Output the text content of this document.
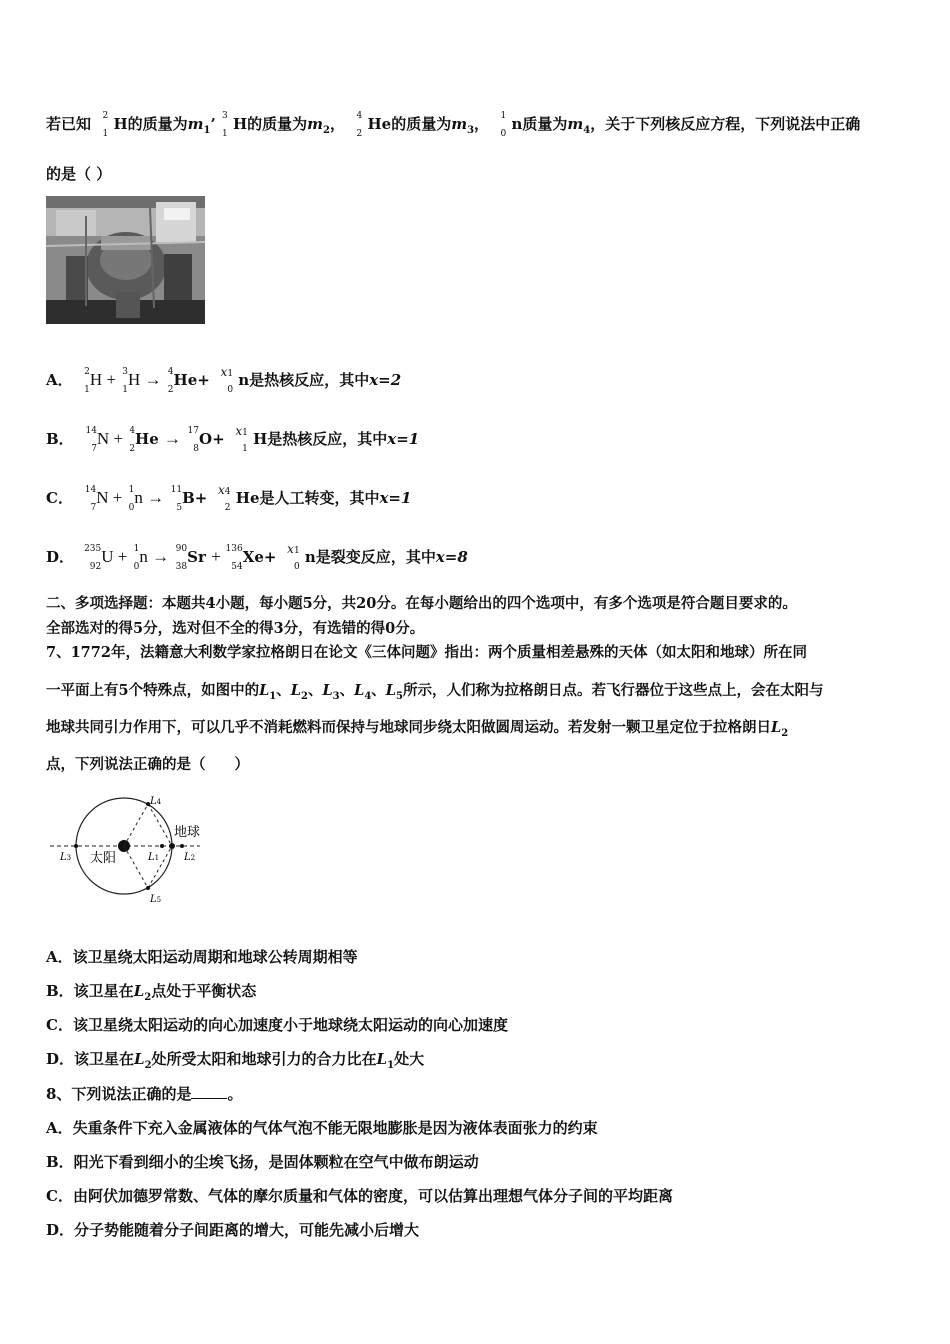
若已知 2
1
H的质量为$m_1$’ 3
1
H的质量为$m_2$， 4
2
He的质量为$m_3$， 1
0
n质量为$m_4$，关于下列核反应方程，下列说法中正确
的是（ ）
A． 2
1
H + 3
1
H → 4
2
He+ x1
0
n是热核反应，其中x=2
B． 14
7
N + 4
2
He → 17
8
O+ x1
1
H是热核反应，其中x=1
C． 14
7
N + 1
0
n → 11
5
B+ x4
2
He是人工转变，其中x=1
D． 235
92
U + 1
0
n → 90
38
Sr + 136
54
Xe+ x1
0
n是裂变反应，其中x=8
二、多项选择题：本题共4小题，每小题5分，共20分。在每小题给出的四个选项中，有多个选项是符合题目要求的。
全部选对的得5分，选对但不全的得3分，有选错的得0分。
7、1772年，法籍意大利数学家拉格朗日在论文《三体问题》指出：两个质量相差悬殊的天体（如太阳和地球）所在同
一平面上有5个特殊点，如图中的$L_1$、$L_2$、$L_3$、$L_4$、$L_5$所示，人们称为拉格朗日点。若飞行器位于这些点上，会在太阳与
地球共同引力作用下，可以几乎不消耗燃料而保持与地球同步绕太阳做圆周运动。若发射一颗卫星定位于拉格朗日$L_2$
点，下列说法正确的是（　　）
太阳
地球
L4
L5
L1 L2
L3
A．该卫星绕太阳运动周期和地球公转周期相等
B．该卫星在$L_2$点处于平衡状态
C．该卫星绕太阳运动的向心加速度小于地球绕太阳运动的向心加速度
D．该卫星在$L_2$处所受太阳和地球引力的合力比在$L_1$处大
8、下列说法正确的是 。
A．失重条件下充入金属液体的气体气泡不能无限地膨胀是因为液体表面张力的约束
B．阳光下看到细小的尘埃飞扬，是固体颗粒在空气中做布朗运动
C．由阿伏加德罗常数、气体的摩尔质量和气体的密度，可以估算出理想气体分子间的平均距离
D．分子势能随着分子间距离的增大，可能先减小后增大
